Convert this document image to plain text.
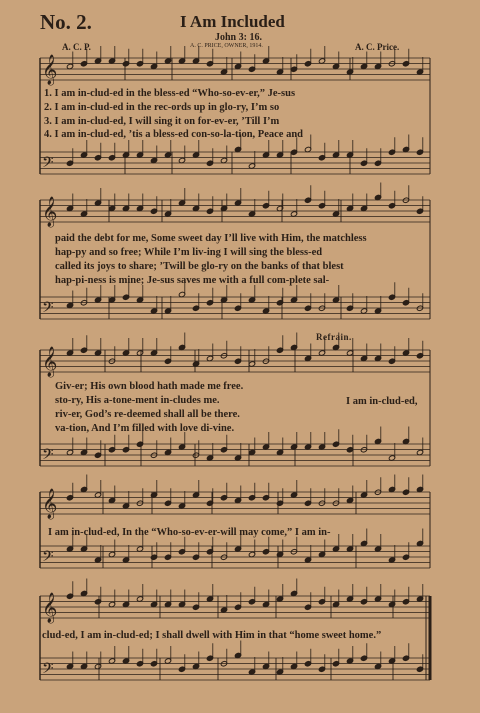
No. 2.	I Am Included
John 3: 16.
A. C. PRICE, OWNER, 1914.
A. C. P.	A. C. Price.
𝄞
𝄢
𝄞
𝄢
𝄞
𝄢
𝄞
𝄢
𝄞
𝄢
1. I am in-clud-ed in the bless-ed “Who-so-ev-er,” Je-sus
2. I am in-clud-ed in the rec-ords up in glo-ry, I’m so
3. I am in-clud-ed, I will sing it on for-ev-er, ’Till I’m
4. I am in-clud-ed, ’tis a bless-ed con-so-la-tion, Peace and
paid the debt for me, Some sweet day I’ll live with Him, the matchless
hap-py and so free; While I’m liv-ing I will sing the bless-ed
called its joys to share; ’Twill be glo-ry on the banks of that blest
hap-pi-ness is mine; Je-sus saves me with a full com-plete sal-
Refrain.
Giv-er; His own blood hath made me free.
sto-ry, His a-tone-ment in-cludes me.
riv-er, God’s re-deemed shall all be there.
va-tion, And I’m filled with love di-vine.
I am in-clud-ed,
I am in-clud-ed, In the “Who-so-ev-er-will may come,” I am in-
clud-ed, I am in-clud-ed; I shall dwell with Him in that “home sweet home.”
